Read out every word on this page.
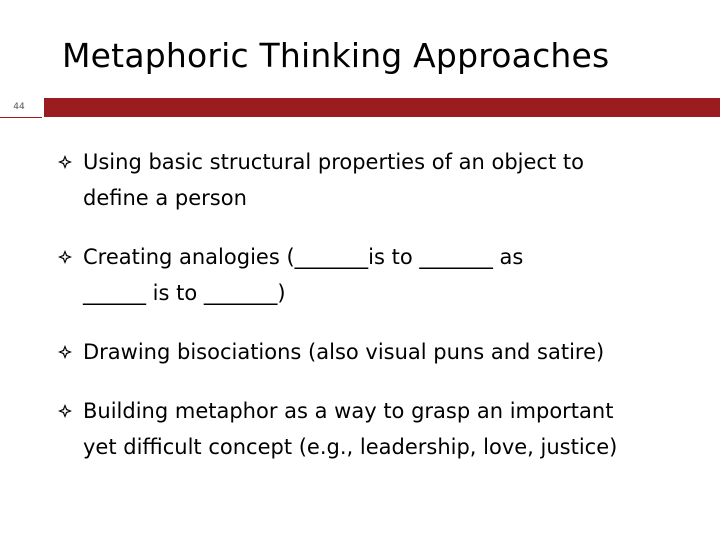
Metaphoric Thinking Approaches
44
Using basic structural properties of an object to
define a person
Creating analogies (_______is to _______ as
______ is to _______)
Drawing bisociations (also visual puns and satire)
Building metaphor as a way to grasp an important
yet difficult concept (e.g., leadership, love, justice)
